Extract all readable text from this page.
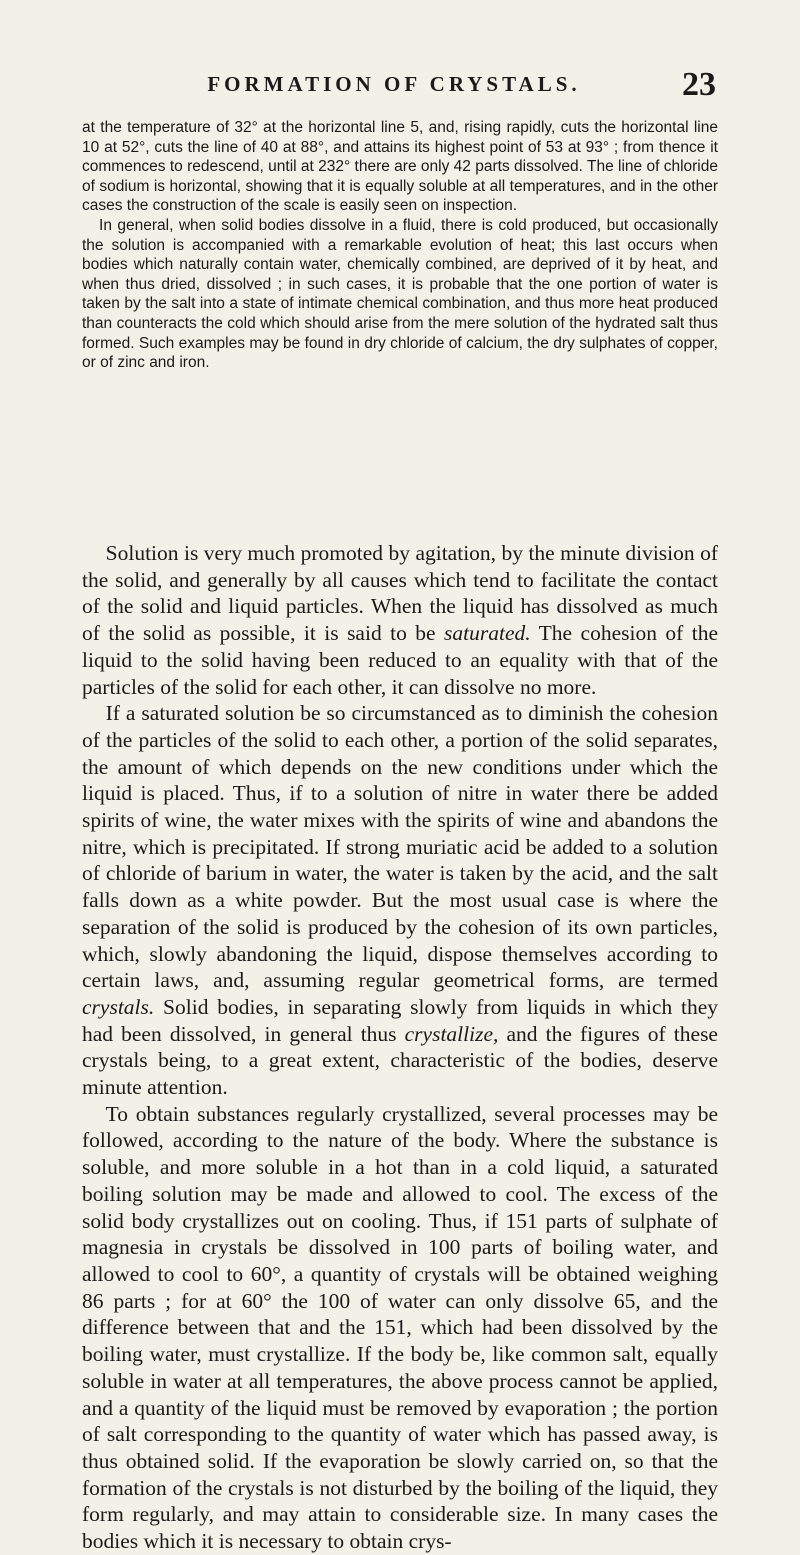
FORMATION OF CRYSTALS.	23

at the temperature of 32° at the horizontal line 5, and, rising rapidly, cuts the horizontal line 10 at 52°, cuts the line of 40 at 88°, and attains its highest point of 53 at 93° ; from thence it commences to redescend, until at 232° there are only 42 parts dissolved. The line of chloride of sodium is horizontal, showing that it is equally soluble at all temperatures, and in the other cases the construction of the scale is easily seen on inspection.

In general, when solid bodies dissolve in a fluid, there is cold produced, but occasionally the solution is accompanied with a remarkable evolution of heat; this last occurs when bodies which naturally contain water, chemically combined, are deprived of it by heat, and when thus dried, dissolved ; in such cases, it is probable that the one portion of water is taken by the salt into a state of intimate chemical combination, and thus more heat produced than counteracts the cold which should arise from the mere solution of the hydrated salt thus formed. Such examples may be found in dry chloride of calcium, the dry sulphates of copper, or of zinc and iron.

Solution is very much promoted by agitation, by the minute division of the solid, and generally by all causes which tend to facilitate the contact of the solid and liquid particles. When the liquid has dissolved as much of the solid as possible, it is said to be saturated. The cohesion of the liquid to the solid having been reduced to an equality with that of the particles of the solid for each other, it can dissolve no more.

If a saturated solution be so circumstanced as to diminish the cohesion of the particles of the solid to each other, a portion of the solid separates, the amount of which depends on the new conditions under which the liquid is placed. Thus, if to a solution of nitre in water there be added spirits of wine, the water mixes with the spirits of wine and abandons the nitre, which is precipitated. If strong muriatic acid be added to a solution of chloride of barium in water, the water is taken by the acid, and the salt falls down as a white powder. But the most usual case is where the separation of the solid is produced by the cohesion of its own particles, which, slowly abandoning the liquid, dispose themselves according to certain laws, and, assuming regular geometrical forms, are termed crystals. Solid bodies, in separating slowly from liquids in which they had been dissolved, in general thus crystallize, and the figures of these crystals being, to a great extent, characteristic of the bodies, deserve minute attention.

To obtain substances regularly crystallized, several processes may be followed, according to the nature of the body. Where the substance is soluble, and more soluble in a hot than in a cold liquid, a saturated boiling solution may be made and allowed to cool. The excess of the solid body crystallizes out on cooling. Thus, if 151 parts of sulphate of magnesia in crystals be dissolved in 100 parts of boiling water, and allowed to cool to 60°, a quantity of crystals will be obtained weighing 86 parts ; for at 60° the 100 of water can only dissolve 65, and the difference between that and the 151, which had been dissolved by the boiling water, must crystallize. If the body be, like common salt, equally soluble in water at all temperatures, the above process cannot be applied, and a quantity of the liquid must be removed by evaporation ; the portion of salt corresponding to the quantity of water which has passed away, is thus obtained solid. If the evaporation be slowly carried on, so that the formation of the crystals is not disturbed by the boiling of the liquid, they form regularly, and may attain to considerable size. In many cases the bodies which it is necessary to obtain crys-
